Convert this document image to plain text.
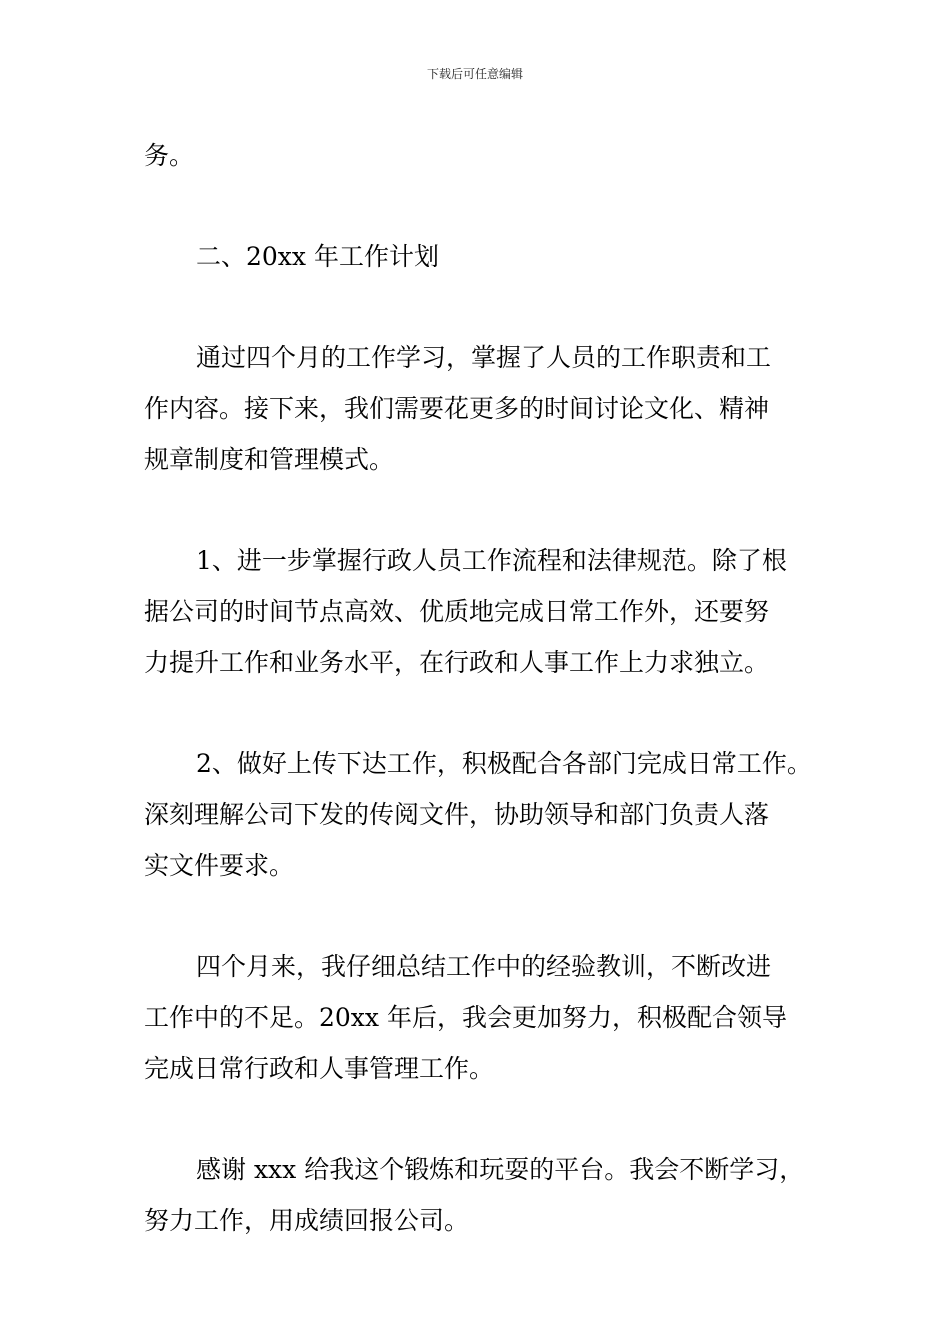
下载后可任意编辑
务。
二、20xx 年工作计划
通过四个月的工作学习，掌握了人员的工作职责和工
作内容。接下来，我们需要花更多的时间讨论文化、精神
规章制度和管理模式。
1、进一步掌握行政人员工作流程和法律规范。除了根
据公司的时间节点高效、优质地完成日常工作外，还要努
力提升工作和业务水平，在行政和人事工作上力求独立。
2、做好上传下达工作，积极配合各部门完成日常工作。
深刻理解公司下发的传阅文件，协助领导和部门负责人落
实文件要求。
四个月来，我仔细总结工作中的经验教训，不断改进
工作中的不足。20xx 年后，我会更加努力，积极配合领导
完成日常行政和人事管理工作。
感谢 xxx 给我这个锻炼和玩耍的平台。我会不断学习，
努力工作，用成绩回报公司。
